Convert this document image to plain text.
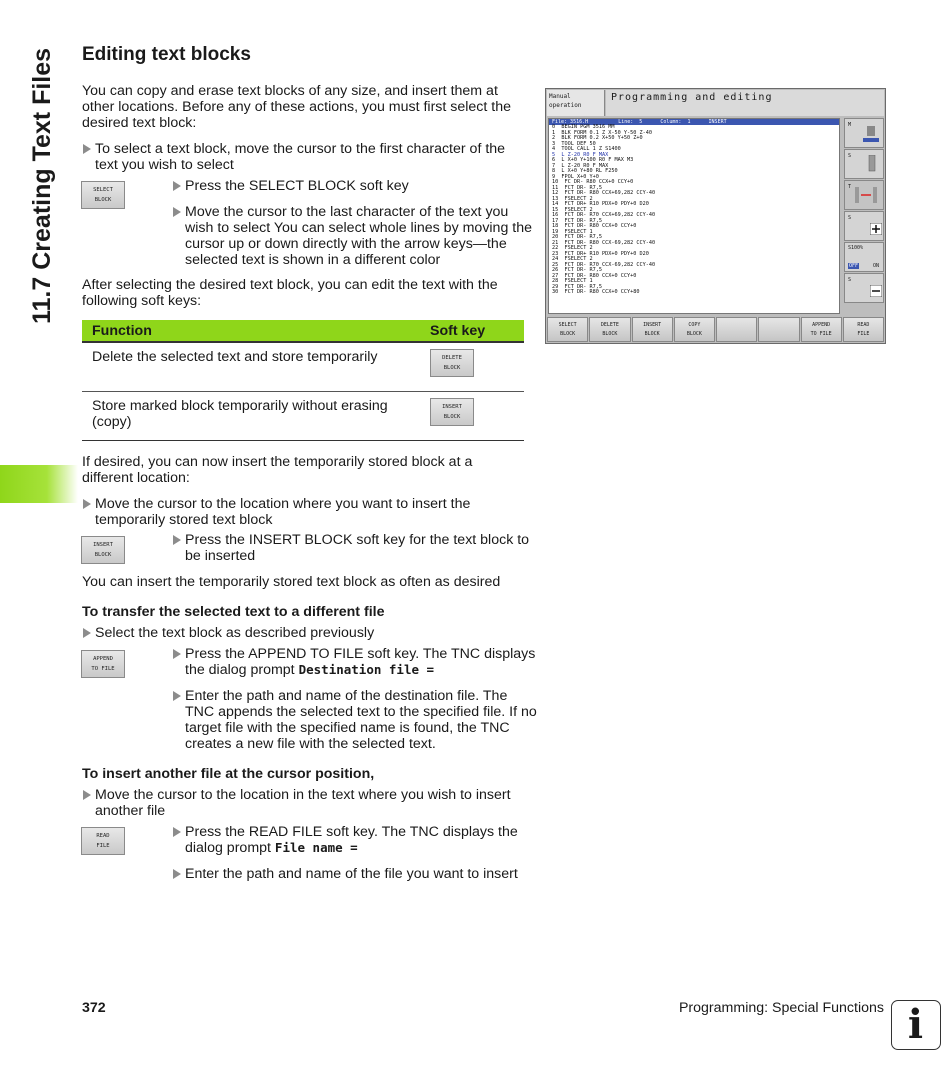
11.7 Creating Text Files Editing text blocks

You can copy and erase text blocks of any size, and insert them at other locations. Before any of these actions, you must first select the desired text block:

To select a text block, move the cursor to the first character of the text you wish to select
SELECT
BLOCK
Press the SELECT BLOCK soft key
Move the cursor to the last character of the text you wish to select You can select whole lines by moving the cursor up or down directly with the arrow keys—the selected text is shown in a different color

After selecting the desired text block, you can edit the text with the following soft keys:

Function	Soft key
Delete the selected text and store temporarily	DELETE
BLOCK

Store marked block temporarily without erasing (copy)	INSERT
BLOCK

If desired, you can now insert the temporarily stored block at a different location:

Move the cursor to the location where you want to insert the temporarily stored text block
INSERT
BLOCK
Press the INSERT BLOCK soft key for the text block to be inserted

You can insert the temporarily stored text block as often as desired

To transfer the selected text to a different file
Select the text block as described previously
APPEND
TO FILE
Press the APPEND TO FILE soft key. The TNC displays the dialog prompt Destination file =
Enter the path and name of the destination file. The TNC appends the selected text to the specified file. If no target file with the specified name is found, the TNC creates a new file with the selected text.
To insert another file at the cursor position,
Move the cursor to the location in the text where you wish to insert another file
READ
FILE
Press the READ FILE soft key. The TNC displays the dialog prompt File name =
Enter the path and name of the file you want to insert
Manual
operation
Programming and editing
File: 3516.H          Line:  5      Column:  1      INSERT
0  BEGIN PGM 3516 MM
1  BLK FORM 0.1 Z X-50 Y-50 Z-40
2  BLK FORM 0.2 X+50 Y+50 Z+0
3  TOOL DEF 50
4  TOOL CALL 1 Z S1400
5  L Z-20 R0 F MAX
6  L X+0 Y+100 R0 F MAX M3
7  L Z-20 R0 F MAX
8  L X+0 Y+80 RL F250
9  FPOL X+0 Y+0
10  FC DR- R80 CCX+0 CCY+0
11  FCT DR- R7,5
12  FCT DR- R80 CCX+69,282 CCY-40
13  FSELECT 2
14  FCT DR+ R10 PDX+0 PDY+0 D20
15  FSELECT 2
16  FCT DR- R70 CCX+69,282 CCY-40
17  FCT DR- R7,5
18  FCT DR- R80 CCX+0 CCY+0
19  FSELECT 1
20  FCT DR- R7,5
21  FCT DR- R80 CCX-69,282 CCY-40
22  FSELECT 2
23  FCT DR+ R10 PDX+0 PDY+0 D20
24  FSELECT 2
25  FCT DR- R70 CCX-69,282 CCY-40
26  FCT DR- R7,5
27  FCT DR- R80 CCX+0 CCY+0
28  FSELECT 1
29  FCT DR- R7,5
30  FCT DR- R80 CCX+0 CCY+80
M
S
T
S
S100%
OFF	ON
S
SELECT
BLOCK
DELETE
BLOCK
INSERT
BLOCK
COPY
BLOCK
APPEND
TO FILE
READ
FILE
372	Programming: Special Functions i
